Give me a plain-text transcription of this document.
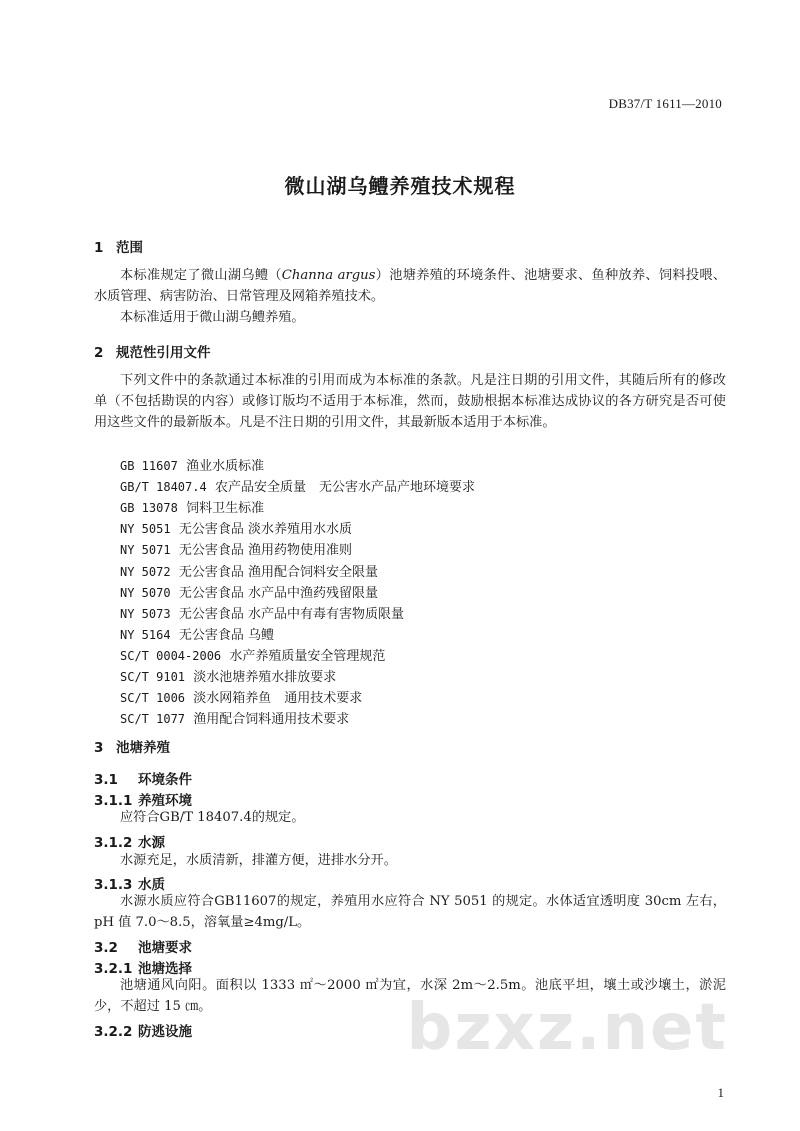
DB37/T 1611—2010
微山湖乌鳢养殖技术规程
1 范围
本标准规定了微山湖乌鳢（Channa argus）池塘养殖的环境条件、池塘要求、鱼种放养、饲料投喂、水质管理、病害防治、日常管理及网箱养殖技术。
本标准适用于微山湖乌鳢养殖。
2 规范性引用文件
下列文件中的条款通过本标准的引用而成为本标准的条款。凡是注日期的引用文件，其随后所有的修改单（不包括勘误的内容）或修订版均不适用于本标准，然而，鼓励根据本标准达成协议的各方研究是否可使用这些文件的最新版本。凡是不注日期的引用文件，其最新版本适用于本标准。
GB 11607 渔业水质标准
GB/T 18407.4 农产品安全质量　无公害水产品产地环境要求
GB 13078 饲料卫生标准
NY 5051 无公害食品 淡水养殖用水水质
NY 5071 无公害食品 渔用药物使用准则
NY 5072 无公害食品 渔用配合饲料安全限量
NY 5070 无公害食品 水产品中渔药残留限量
NY 5073 无公害食品 水产品中有毒有害物质限量
NY 5164 无公害食品 乌鳢
SC/T 0004-2006 水产养殖质量安全管理规范
SC/T 9101 淡水池塘养殖水排放要求
SC/T 1006 淡水网箱养鱼　通用技术要求
SC/T 1077 渔用配合饲料通用技术要求
3 池塘养殖
3.1 环境条件
3.1.1 养殖环境
应符合GB/T 18407.4的规定。
3.1.2 水源
水源充足，水质清新，排灌方便，进排水分开。
3.1.3 水质
水源水质应符合GB11607的规定，养殖用水应符合 NY 5051 的规定。水体适宜透明度 30cm 左右，pH 值 7.0～8.5，溶氧量≥4mg/L。
3.2 池塘要求
3.2.1 池塘选择
池塘通风向阳。面积以 1333 ㎡～2000 ㎡为宜，水深 2m～2.5m。池底平坦，壤土或沙壤土，淤泥少，不超过 15 ㎝。
3.2.2 防逃设施	bzxz.net
1
